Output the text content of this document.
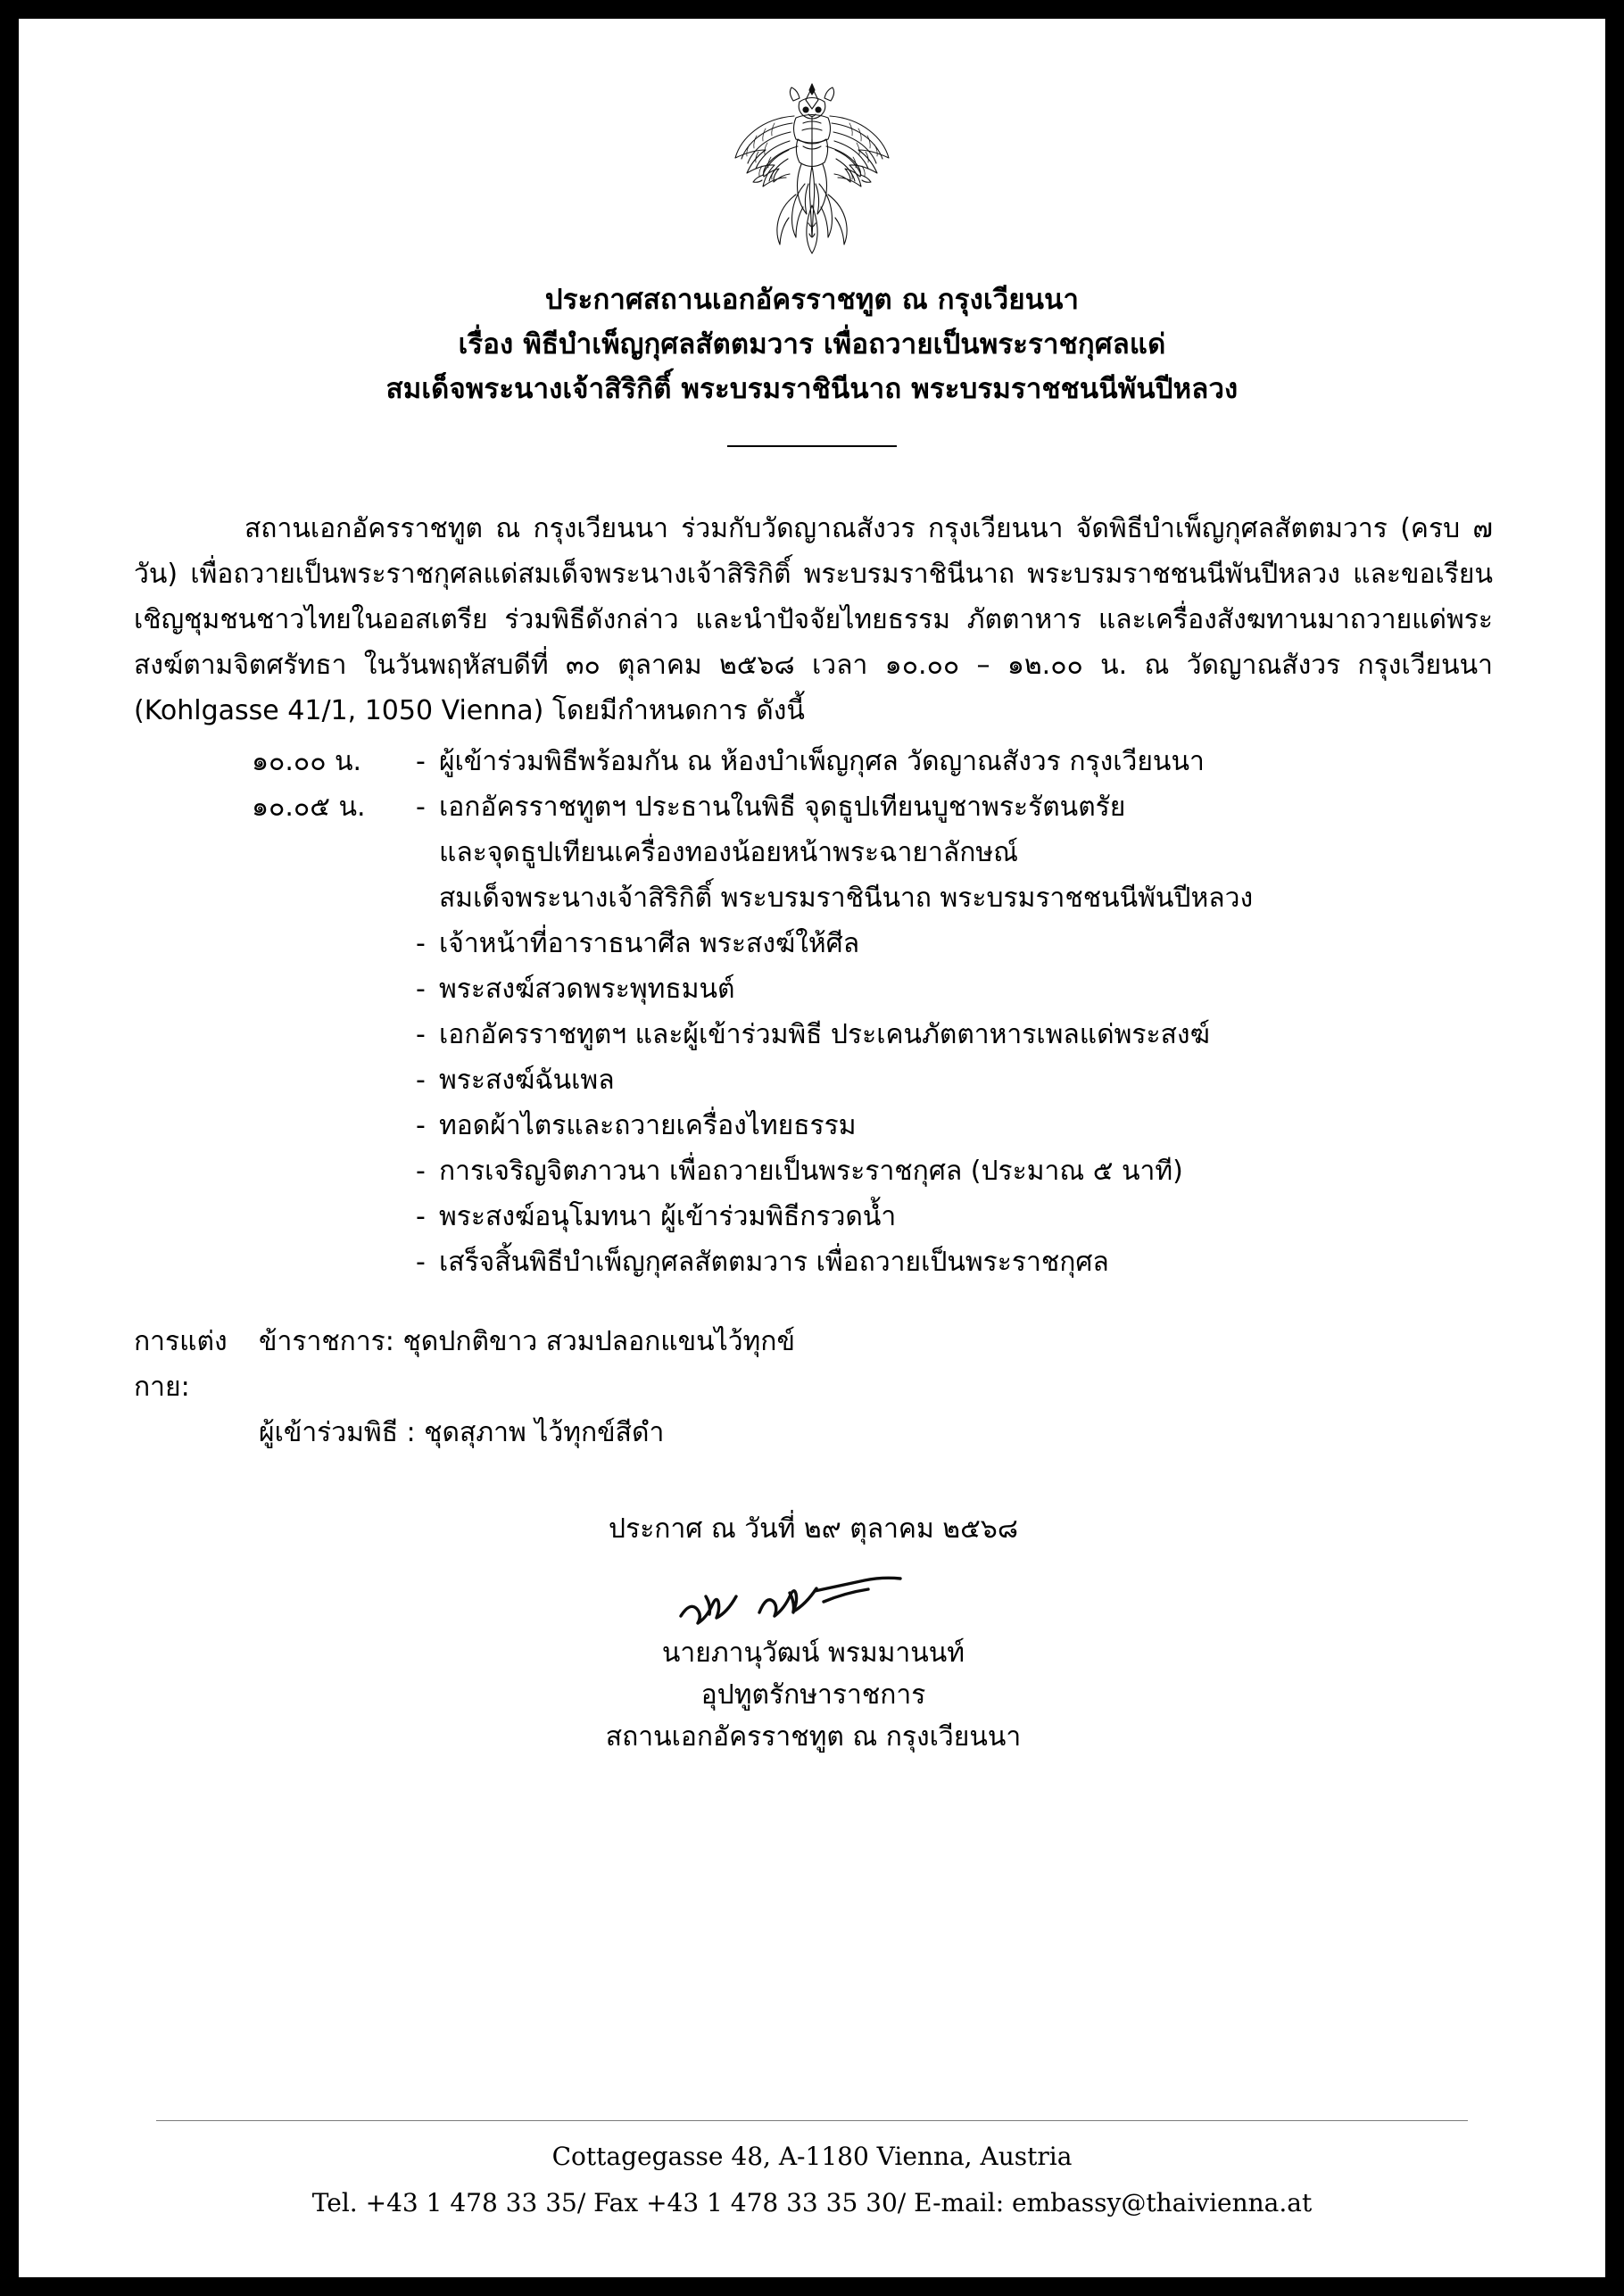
ประกาศสถานเอกอัครราชทูต ณ กรุงเวียนนา
เรื่อง พิธีบำเพ็ญกุศลสัตตมวาร เพื่อถวายเป็นพระราชกุศลแด่
สมเด็จพระนางเจ้าสิริกิติ์ พระบรมราชินีนาถ พระบรมราชชนนีพันปีหลวง
สถานเอกอัครราชทูต ณ กรุงเวียนนา ร่วมกับวัดญาณสังวร กรุงเวียนนา จัดพิธีบำเพ็ญกุศลสัตตมวาร (ครบ ๗ วัน) เพื่อถวายเป็นพระราชกุศลแด่สมเด็จพระนางเจ้าสิริกิติ์ พระบรมราชินีนาถ พระบรมราชชนนีพันปีหลวง และขอเรียนเชิญชุมชนชาวไทยในออสเตรีย ร่วมพิธีดังกล่าว และนำปัจจัยไทยธรรม ภัตตาหาร และเครื่องสังฆทานมาถวายแด่พระสงฆ์ตามจิตศรัทธา ในวันพฤหัสบดีที่ ๓๐ ตุลาคม ๒๕๖๘ เวลา ๑๐.๐๐ – ๑๒.๐๐ น. ณ วัดญาณสังวร กรุงเวียนนา (Kohlgasse 41/1, 1050 Vienna) โดยมีกำหนดการ ดังนี้
๑๐.๐๐ น.	- ผู้เข้าร่วมพิธีพร้อมกัน ณ ห้องบำเพ็ญกุศล วัดญาณสังวร กรุงเวียนนา
๑๐.๐๕ น.	- เอกอัครราชทูตฯ ประธานในพิธี จุดธูปเทียนบูชาพระรัตนตรัย
และจุดธูปเทียนเครื่องทองน้อยหน้าพระฉายาลักษณ์
สมเด็จพระนางเจ้าสิริกิติ์ พระบรมราชินีนาถ พระบรมราชชนนีพันปีหลวง
- เจ้าหน้าที่อาราธนาศีล พระสงฆ์ให้ศีล
- พระสงฆ์สวดพระพุทธมนต์
- เอกอัครราชทูตฯ และผู้เข้าร่วมพิธี ประเคนภัตตาหารเพลแด่พระสงฆ์
- พระสงฆ์ฉันเพล
- ทอดผ้าไตรและถวายเครื่องไทยธรรม
- การเจริญจิตภาวนา เพื่อถวายเป็นพระราชกุศล (ประมาณ ๕ นาที)
- พระสงฆ์อนุโมทนา ผู้เข้าร่วมพิธีกรวดน้ำ
- เสร็จสิ้นพิธีบำเพ็ญกุศลสัตตมวาร เพื่อถวายเป็นพระราชกุศล
การแต่งกาย:
ข้าราชการ: ชุดปกติขาว สวมปลอกแขนไว้ทุกข์
ผู้เข้าร่วมพิธี : ชุดสุภาพ ไว้ทุกข์สีดำ
ประกาศ ณ วันที่ ๒๙ ตุลาคม ๒๕๖๘
นายภานุวัฒน์ พรมมานนท์
อุปทูตรักษาราชการ
สถานเอกอัครราชทูต ณ กรุงเวียนนา
Cottagegasse 48, A-1180 Vienna, Austria
Tel. +43 1 478 33 35/ Fax +43 1 478 33 35 30/ E-mail: embassy@thaivienna.at
